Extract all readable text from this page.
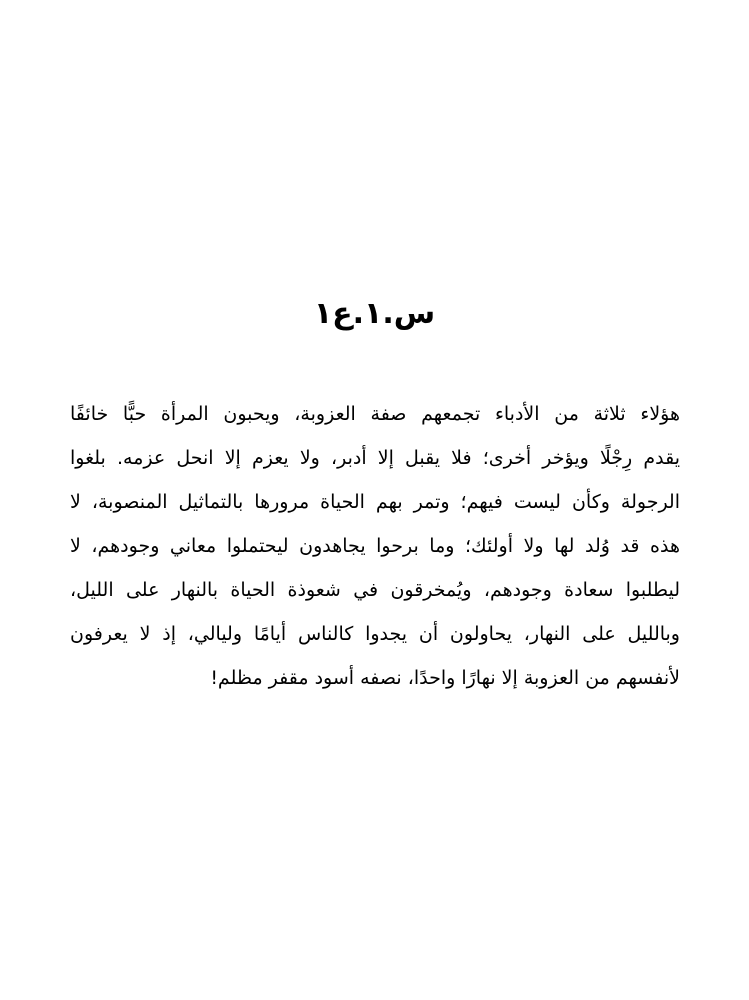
س.١.ع١
هؤلاء ثلاثة من الأدباء تجمعهم صفة العزوبة، ويحبون المرأة حبًّا خائفًا
يقدم رِجْلًا ويؤخر أخرى؛ فلا يقبل إلا أدبر، ولا يعزم إلا انحل عزمه. بلغوا
الرجولة وكأن ليست فيهم؛ وتمر بهم الحياة مرورها بالتماثيل المنصوبة، لا
هذه قد وُلد لها ولا أولئك؛ وما برحوا يجاهدون ليحتملوا معاني وجودهم، لا
ليطلبوا سعادة وجودهم، ويُمخرقون في شعوذة الحياة بالنهار على الليل،
وبالليل على النهار، يحاولون أن يجدوا كالناس أيامًا وليالي، إذ لا يعرفون
لأنفسهم من العزوبة إلا نهارًا واحدًا، نصفه أسود مقفر مظلم!
